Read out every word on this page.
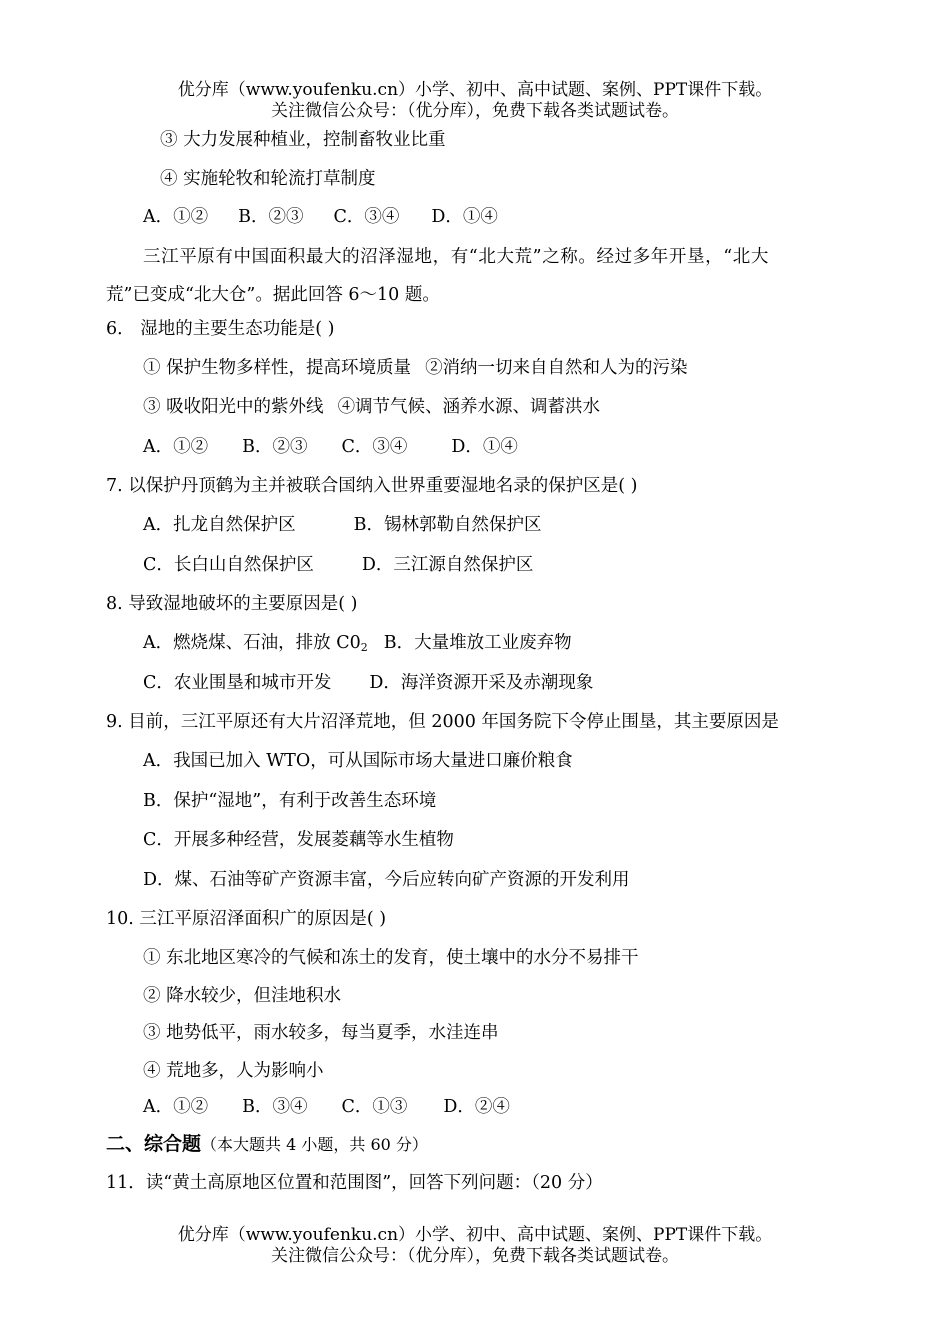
优分库（www.youfenku.cn）小学、初中、高中试题、案例、PPT课件下载。
关注微信公众号：（优分库），免费下载各类试题试卷。
③ 大力发展种植业，控制畜牧业比重
④ 实施轮牧和轮流打草制度
A．①② B．②③ C．③④ D．①④
三江平原有中国面积最大的沼泽湿地，有“北大荒”之称。经过多年开垦，“北大
荒”已变成“北大仓”。据此回答 6～10 题。
6． 湿地的主要生态功能是( )
① 保护生物多样性，提高环境质量 ②消纳一切来自自然和人为的污染
③ 吸收阳光中的紫外线 ④调节气候、涵养水源、调蓄洪水
A．①② B．②③ C．③④	D．①④
7. 以保护丹顶鹤为主并被联合国纳入世界重要湿地名录的保护区是( )
A．扎龙自然保护区	B．锡林郭勒自然保护区
C．长白山自然保护区	D．三江源自然保护区
8. 导致湿地破坏的主要原因是( )
A．燃烧煤、石油，排放 $C0_2$ B．大量堆放工业废弃物
C．农业围垦和城市开发 D．海洋资源开采及赤潮现象
9. 目前，三江平原还有大片沼泽荒地，但 2000 年国务院下令停止围垦，其主要原因是
A．我国已加入 WTO，可从国际市场大量进口廉价粮食
B．保护“湿地”，有利于改善生态环境
C．开展多种经营，发展菱藕等水生植物
D．煤、石油等矿产资源丰富，今后应转向矿产资源的开发利用
10. 三江平原沼泽面积广的原因是( )
① 东北地区寒冷的气候和冻土的发育，使土壤中的水分不易排干
② 降水较少，但洼地积水
③ 地势低平，雨水较多，每当夏季，水洼连串
④ 荒地多，人为影响小
A．①② B．③④ C．①③ D．②④
二、综合题（本大题共 4 小题，共 60 分）
11．读“黄土高原地区位置和范围图”，回答下列问题：（20 分）
优分库（www.youfenku.cn）小学、初中、高中试题、案例、PPT课件下载。
关注微信公众号：（优分库），免费下载各类试题试卷。
